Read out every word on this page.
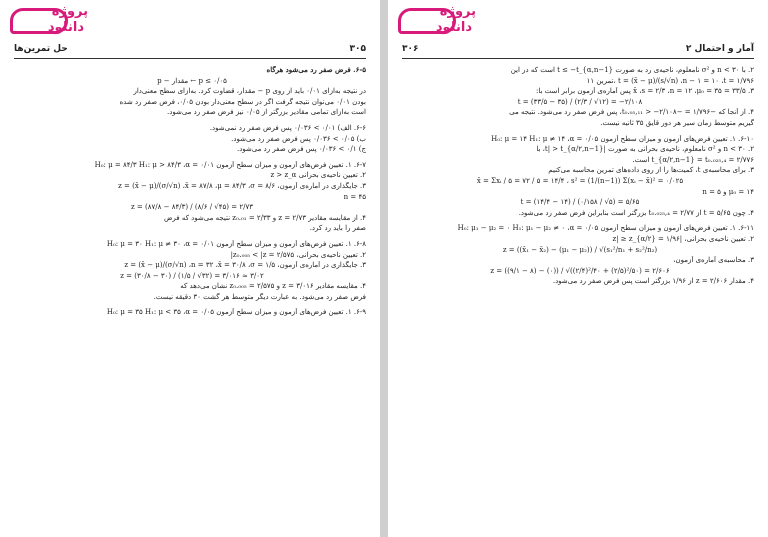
پروژه
دانلود
۳۰۵
حل تمرین‌ها
۶-۵. فرض صفر رد می‌شود هرگاه
p ≤ ۰/۰۵ ← مقدار − p
در نتیجه به‌ازای ۰/۰۱ باید از روی p − مقدار، قضاوت کرد. به‌ازای سطح معنی‌دار
بودن ۰/۰۱ می‌توان نتیجه گرفت اگر در سطح معنی‌دار بودن ۰/۰۵، فرض صفر رد شده
است به‌ازای تمامی مقادیر بزرگتر از ۰/۰۵ نیز فرض صفر رد می‌شود.
۶-۶. الف) ۰/۰۱ > ۰/۰۳۶ پس فرض صفر رد نمی‌شود.
ب) ۰/۰۵ > ۰/۰۳۶ پس فرض صفر رد می‌شود.
ج) ۰/۱ > ۰/۰۳۶ پس فرض صفر رد می‌شود.
۶-۷. ۱. تعیین فرض‌های آزمون و میزان سطح آزمون H₀: μ = ۸۴/۳ H₁: μ > ۸۴/۳ ،α = ۰/۰۱
۲. تعیین ناحیه‌ی بحرانی z > z_α
۳. جایگذاری در آماره‌ی آزمون، z = (x̄ − μ)/(σ/√n) ،x̄ = ۸۷/۸ ،μ = ۸۴/۳ ،σ = ۸/۶
n = ۴۵
z = (۸۷/۸ − ۸۴/۳) / (۸/۶ / √۴۵) = ۲/۷۳
۴. از مقایسه مقادیر z = ۲/۷۳ و z₀.₀₁ = ۲/۳۳ نتیجه می‌شود که فرض
صفر را باید رد کرد.
۶-۸. ۱. تعیین فرض‌های آزمون و میزان سطح آزمون H₀: μ = ۳۰ H₁: μ ≠ ۳۰ ،α = ۰/۰۱
۲. تعیین ناحیه‌ی بحرانی، ۲/۵۷۵ = z₀.₀₀₅ < |z|
۳. جایگذاری در آماره‌ی آزمون، z = (x̄ − μ)/(σ/√n) ،n = ۳۲ ،x̄ = ۳۰/۸ ،σ = ۱/۵
z = (۳۰/۸ − ۳۰) / (۱/۵ / √۳۲) = ۳/۰۱۶ ≈ ۳/۰۲
۴. مقایسه مقادیر z = ۳/۰۱۶ و z₀.₀₀₅ = ۲/۵۷۵ نشان می‌دهد که
فرض صفر رد می‌شود. به عبارت دیگر متوسط هر گشت ۳۰ دقیقه نیست.
۶-۹. ۱. تعیین فرض‌های آزمون و میزان سطح آزمون H₀: μ = ۳۵ H₁: μ < ۳۵ ،α = ۰/۰۵
پروژه
دانلود
۳۰۶	آمار و احتمال ۲
۲. با n < ۳۰ و σ² نامعلوم، ناحیه‌ی رد به صورت t ≤ −t_{α,n−1} است که در این
t = (x̄ − μ)/(s/√n) ،n − ۱ = ۱۰ ،t = ۱/۷۹۶ ،تمرین ۱۱
۳. ۳۳/۵ = x̄ ،s = ۲/۳ ،n = ۱۲ ،μ₀ = ۳۵ پس آماره‌ی آزمون برابر است با:
t = (۳۳/۵ − ۳۵) / (۲/۳ / √۱۲) = −۲/۱۰۸
۴. از آنجا که −۱/۷۹۶ = −t₀.₀₅,₁₁ > −۲/۱۰۸، پس فرض صفر رد می‌شود. نتیجه می‌
گیریم متوسط زمان سیر هر دور قایق ۳۵ ثانیه نیست.
۶-۱۰. ۱. تعیین فرض‌های آزمون و میزان سطح آزمون H₀: μ = ۱۴ H₁: μ ≠ ۱۴ ،α = ۰/۰۵
۲. n < ۳۰ و σ² نامعلوم، ناحیه‌ی بحرانی به صورت |t| > t_{α/۲,n−1}، با
t_{α/۲,n−1} = t₀.₀₂₅,₄ = ۲/۷۷۶ است.
۳. برای محاسبه‌ی t، کمیت‌ها را از روی داده‌های تمرین محاسبه می‌کنیم
x̄ = Σxᵢ / ۵ = ۷۲ / ۵ = ۱۴/۴ ، s² = (1/(n−1)) Σ(xᵢ − x̄)² = ۰/۰۲۵
μ₀ = ۱۴ و n = ۵
t = (۱۴/۴ − ۱۴) / (۰/۱۵۸ / √۵) = ۵/۶۵
۴. چون ۵/۶۵ = t از ۲/۷۷ = t₀.₀₂₅,₄ بزرگتر است بنابراین فرض صفر رد می‌شود.
۶-۱۱. ۱. تعیین فرض‌های آزمون و میزان سطح آزمون H₀: μ₁ − μ₂ = ۰ H₁: μ₁ − μ₂ ≠ ۰ ،α = ۰/۰۵
۲. تعیین ناحیه‌ی بحرانی، |z| ≥ z_{α/۲} = ۱/۹۶
z = ((x̄₁ − x̄₂) − (μ₁ − μ₂)) / √(s₁²/n₁ + s₂²/n₂)
۳. محاسبه‌ی آماره‌ی آزمون،
z = ((۹/۱ − ۸) − (۰)) / √((۲/۴)²/۴۰ + (۲/۵)²/۵۰) = ۲/۶۰۶
۴. مقدار ۲/۶۰۶ = z از ۱/۹۶ بزرگتر است پس فرض صفر رد می‌شود.
